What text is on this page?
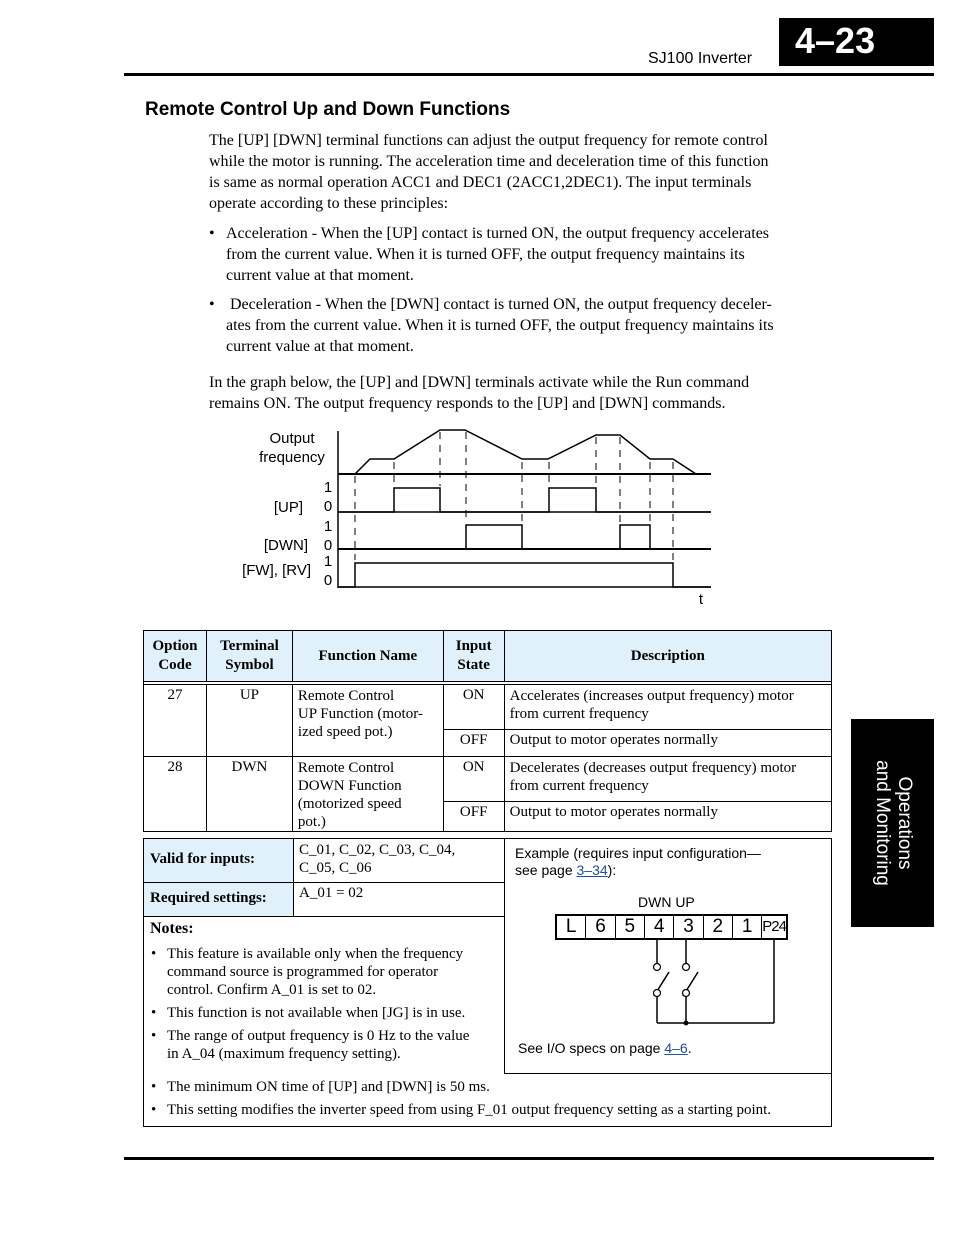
SJ100 Inverter	4–23
Operations
and Monitoring
Remote Control Up and Down Functions
The [UP] [DWN] terminal functions can adjust the output frequency for remote control
while the motor is running. The acceleration time and deceleration time of this function
is same as normal operation ACC1 and DEC1 (2ACC1,2DEC1). The input terminals
operate according to these principles:
• Acceleration - When the [UP] contact is turned ON, the output frequency accelerates
from the current value. When it is turned OFF, the output frequency maintains its
current value at that moment.
• Deceleration - When the [DWN] contact is turned ON, the output frequency deceler-
ates from the current value. When it is turned OFF, the output frequency maintains its
current value at that moment.
In the graph below, the [UP] and [DWN] terminals activate while the Run command
remains ON. The output frequency responds to the [UP] and [DWN] commands.
Output
frequency
[UP]
[DWN]
[FW], [RV]
1
0
1
0
1
0
t
Option
Code	Terminal
Symbol	Function Name	Input
State	Description

27	UP	Remote Control
UP Function (motor-
ized speed pot.)	ON	Accelerates (increases output frequency) motor
from current frequency
			OFF	Output to motor operates normally
28	DWN	Remote Control
DOWN Function
(motorized speed
pot.)	ON	Decelerates (decreases output frequency) motor
from current frequency
			OFF	Output to motor operates normally
Valid for inputs:
C_01, C_02, C_03, C_04,
C_05, C_06
Required settings:	A_01 = 02
Notes:
• This feature is available only when the frequency
command source is programmed for operator
control. Confirm A_01 is set to 02.
• This function is not available when [JG] is in use.
• The range of output frequency is 0 Hz to the value
in A_04 (maximum frequency setting).
Example (requires input configuration—
see page 3–34):
DWN UP
L 6 5 4 3 2 1 P24
See I/O specs on page 4–6.
• The minimum ON time of [UP] and [DWN] is 50 ms.
• This setting modifies the inverter speed from using F_01 output frequency setting as a starting point.
